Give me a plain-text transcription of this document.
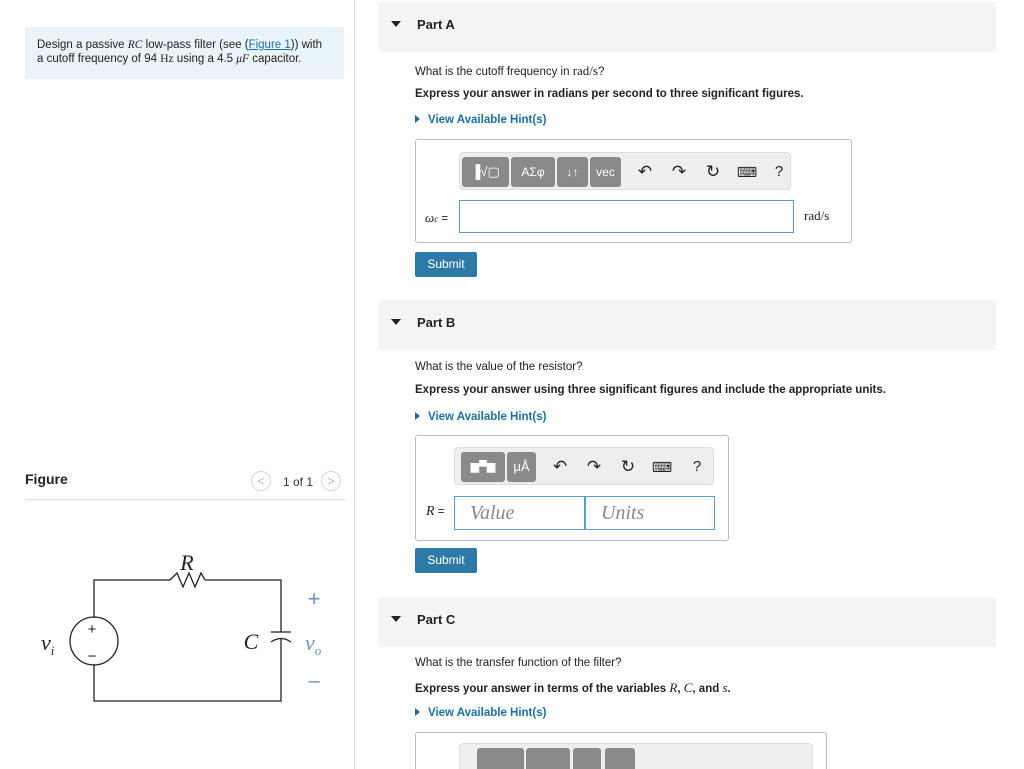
Design a passive RC low-pass filter (see (Figure 1)) with
a cutoff frequency of 94 Hz using a 4.5 μF capacitor.
Figure	<	1 of 1	>
R
C
+
−
$v_i$	$v_o$
+
–
Part A
What is the cutoff frequency in rad/s?
Express your answer in radians per second to three significant figures.
View Available Hint(s)
▐√▢	ΑΣφ	↓↑	vec	↶ ↷ ↻ ⌨	?
ωc =	rad/s
Submit
Part B
What is the value of the resistor?
Express your answer using three significant figures and include the appropriate units.
View Available Hint(s)
▆▀▆	μÅ	↶ ↷ ↻ ⌨	?
R =	Value	Units
Submit
Part C
What is the transfer function of the filter?
Express your answer in terms of the variables R, C, and s.
View Available Hint(s)
